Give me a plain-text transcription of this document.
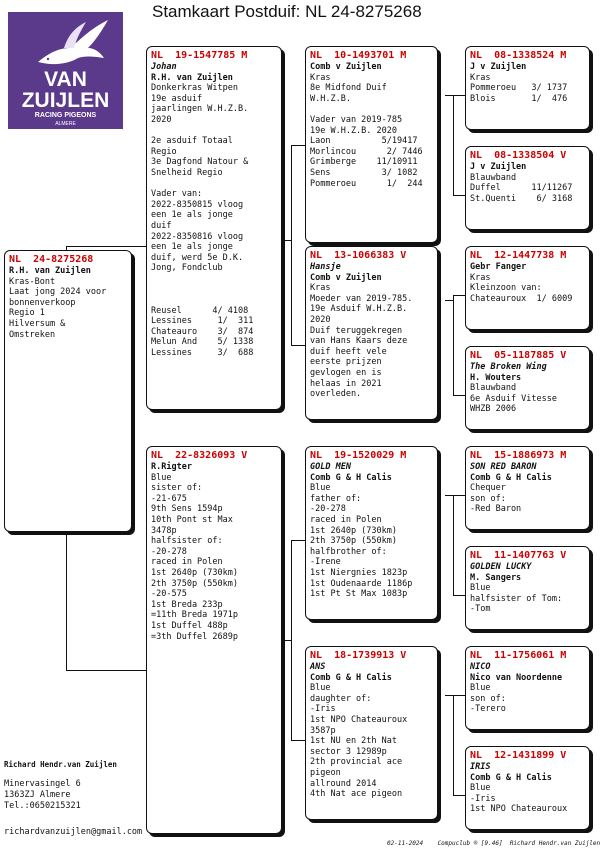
Stamkaart Postduif: NL 24-8275268
VAN
ZUIJLEN
RACING PIGEONS
ALMERE
NL  24-8275268
R.H. van Zuijlen
Kras-Bont
Laat jong 2024 voor
bonnenverkoop
Regio 1
Hilversum &
Omstreken
NL  19-1547785 M
Johan
R.H. van Zuijlen
Donkerkras Witpen
19e asduif
jaarlingen W.H.Z.B.
2020
2e asduif Totaal
Regio
3e Dagfond Natour &
Snelheid Regio
Vader van:
2022-8350815 vloog
een 1e als jonge
duif
2022-8350816 vloog
een 1e als jonge
duif, werd 5e D.K.
Jong, Fondclub
Reusel      4/ 4108
Lessines     1/  311
Chateauro    3/  874
Melun And    5/ 1338
Lessines     3/  688
NL  22-8326093 V
R.Rigter
Blue
sister of:
-21-675
9th Sens 1594p
10th Pont st Max
3478p
halfsister of:
-20-278
raced in Polen
1st 2640p (730km)
2th 3750p (550km)
-20-575
1st Breda 233p
=11th Breda 1971p
1st Duffel 488p
=3th Duffel 2689p
NL  10-1493701 M
Comb v Zuijlen
Kras
8e Midfond Duif
W.H.Z.B.
Vader van 2019-785
19e W.H.Z.B. 2020
Laon          5/19417
Morlincou      2/ 7446
Grimberge    11/10911
Sens          3/ 1082
Pommeroeu      1/  244
NL  13-1066383 V
Hansje
Comb v Zuijlen
Kras
Moeder van 2019-785.
19e Asduif W.H.Z.B.
2020
Duif teruggekregen
van Hans Kaars deze
duif heeft vele
eerste prijzen
gevlogen en is
helaas in 2021
overleden.
NL  19-1520029 M
GOLD MEN
Comb G & H Calis
Blue
father of:
-20-278
raced in Polen
1st 2640p (730km)
2th 3750p (550km)
halfbrother of:
-Irene
1st Niergnies 1823p
1st Oudenaarde 1186p
1st Pt St Max 1083p
NL  18-1739913 V
ANS
Comb G & H Calis
Blue
daughter of:
-Iris
1st NPO Chateauroux
3587p
1st NU en 2th Nat
sector 3 12989p
2th provincial ace
pigeon
allround 2014
4th Nat ace pigeon
NL  08-1338524 M
J v Zuijlen
Kras
Pommeroeu   3/ 1737
Blois       1/  476
NL  08-1338504 V
J v Zuijlen
Blauwband
Duffel      11/11267
St.Quenti    6/ 3168
NL  12-1447738 M
Gebr Fanger
Kras
Kleinzoon van:
Chateauroux  1/ 6009
NL  05-1187885 V
The Broken Wing
H. Wouters
Blauwband
6e Asduif Vitesse
WHZB 2006
NL  15-1886973 M
SON RED BARON
Comb G & H Calis
Chequer
son of:
-Red Baron
NL  11-1407763 V
GOLDEN LUCKY
M. Sangers
Blue
halfsister of Tom:
-Tom
NL  11-1756061 M
NICO
Nico van Noordenne
Blue
son of:
-Terero
NL  12-1431899 V
IRIS
Comb G & H Calis
Blue
-Iris
1st NPO Chateauroux
Richard Hendr.van Zuijlen
Minervasingel 6
1363ZJ Almere
Tel.:0650215321
richardvanzuijlen@gmail.com
02-11-2024    Compuclub ® [9.46]  Richard Hendr.van Zuijlen
